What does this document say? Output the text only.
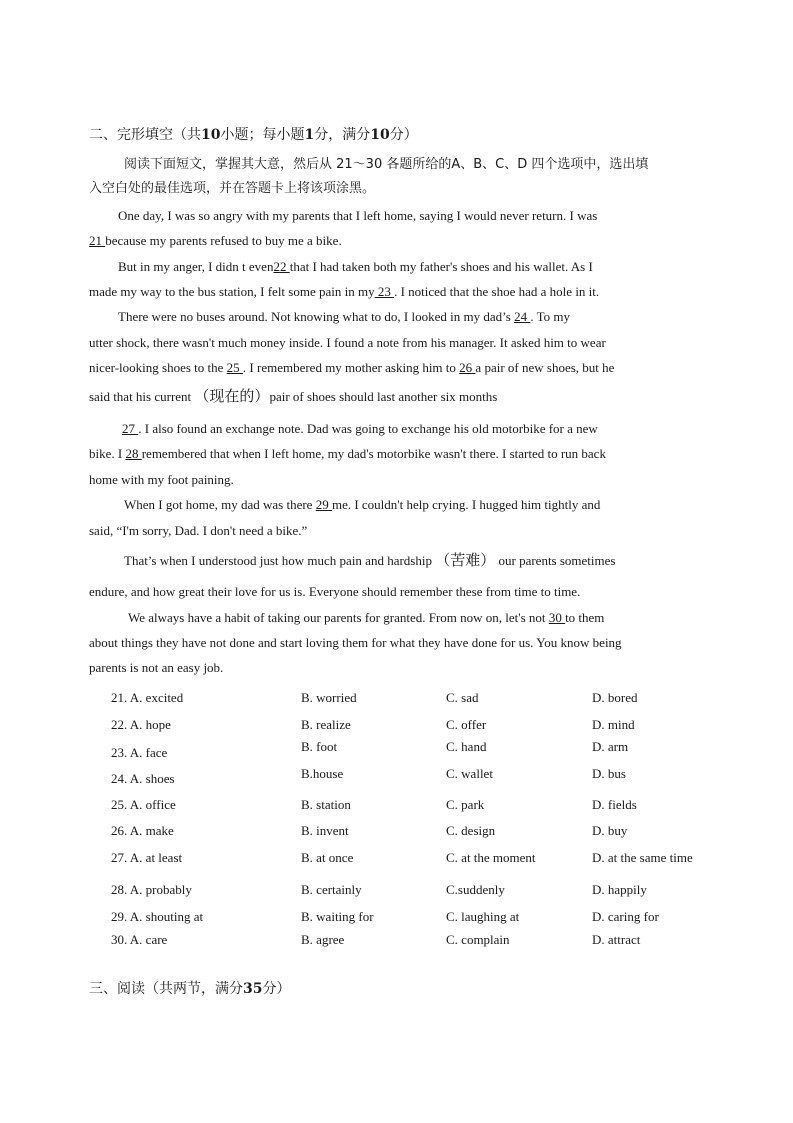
二、完形填空（共10小题；每小题1分，满分10分）
阅读下面短文，掌握其大意，然后从 21～30 各题所给的A、B、C、D 四个选项中，选出填
入空白处的最佳选项，并在答题卡上将该项涂黑。
One day, I was so angry with my parents that I left home, saying I would never return. I was
21 because my parents refused to buy me a bike.
But in my anger, I didn t even22 that I had taken both my father's shoes and his wallet. As I
made my way to the bus station, I felt some pain in my 23 . I noticed that the shoe had a hole in it.
There were no buses around. Not knowing what to do, I looked in my dad’s 24 . To my
utter shock, there wasn't much money inside. I found a note from his manager. It asked him to wear
nicer-looking shoes to the 25 . I remembered my mother asking him to 26 a pair of new shoes, but he
said that his current （现在的）pair of shoes should last another six months
27 . I also found an exchange note. Dad was going to exchange his old motorbike for a new
bike. I 28 remembered that when I left home, my dad's motorbike wasn't there. I started to run back
home with my foot paining.
When I got home, my dad was there 29 me. I couldn't help crying. I hugged him tightly and
said, “I'm sorry, Dad. I don't need a bike.”
That’s when I understood just how much pain and hardship （苦难） our parents sometimes
endure, and how great their love for us is. Everyone should remember these from time to time.
We always have a habit of taking our parents for granted. From now on, let's not 30 to them
about things they have not done and start loving them for what they have done for us. You know being
parents is not an easy job.
21. A. excited	B. worried	C. sad	D. bored
22. A. hope	B. realize	C. offer	D. mind
23. A. face	B. foot	C. hand	D. arm
24. A. shoes	B.house	C. wallet	D. bus
25. A. office	B. station	C. park	D. fields
26. A. make	B. invent	C. design	D. buy
27. A. at least	B. at once	C. at the moment	D. at the same time
28. A. probably	B. certainly	C.suddenly	D. happily
29. A. shouting at	B. waiting for	C. laughing at	D. caring for
30. A. care	B. agree	C. complain	D. attract
三、阅读（共两节，满分35分）
